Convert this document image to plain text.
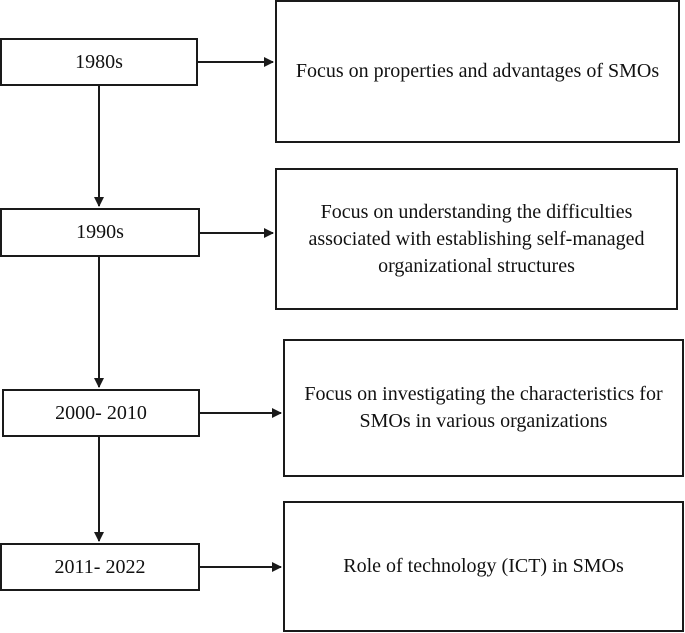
1980s
1990s
2000- 2010
2011- 2022
Focus on properties and advantages of SMOs
Focus on understanding the difficulties associated with establishing self-managed organizational structures
Focus on investigating the characteristics for SMOs in various organizations
Role of technology (ICT) in SMOs
